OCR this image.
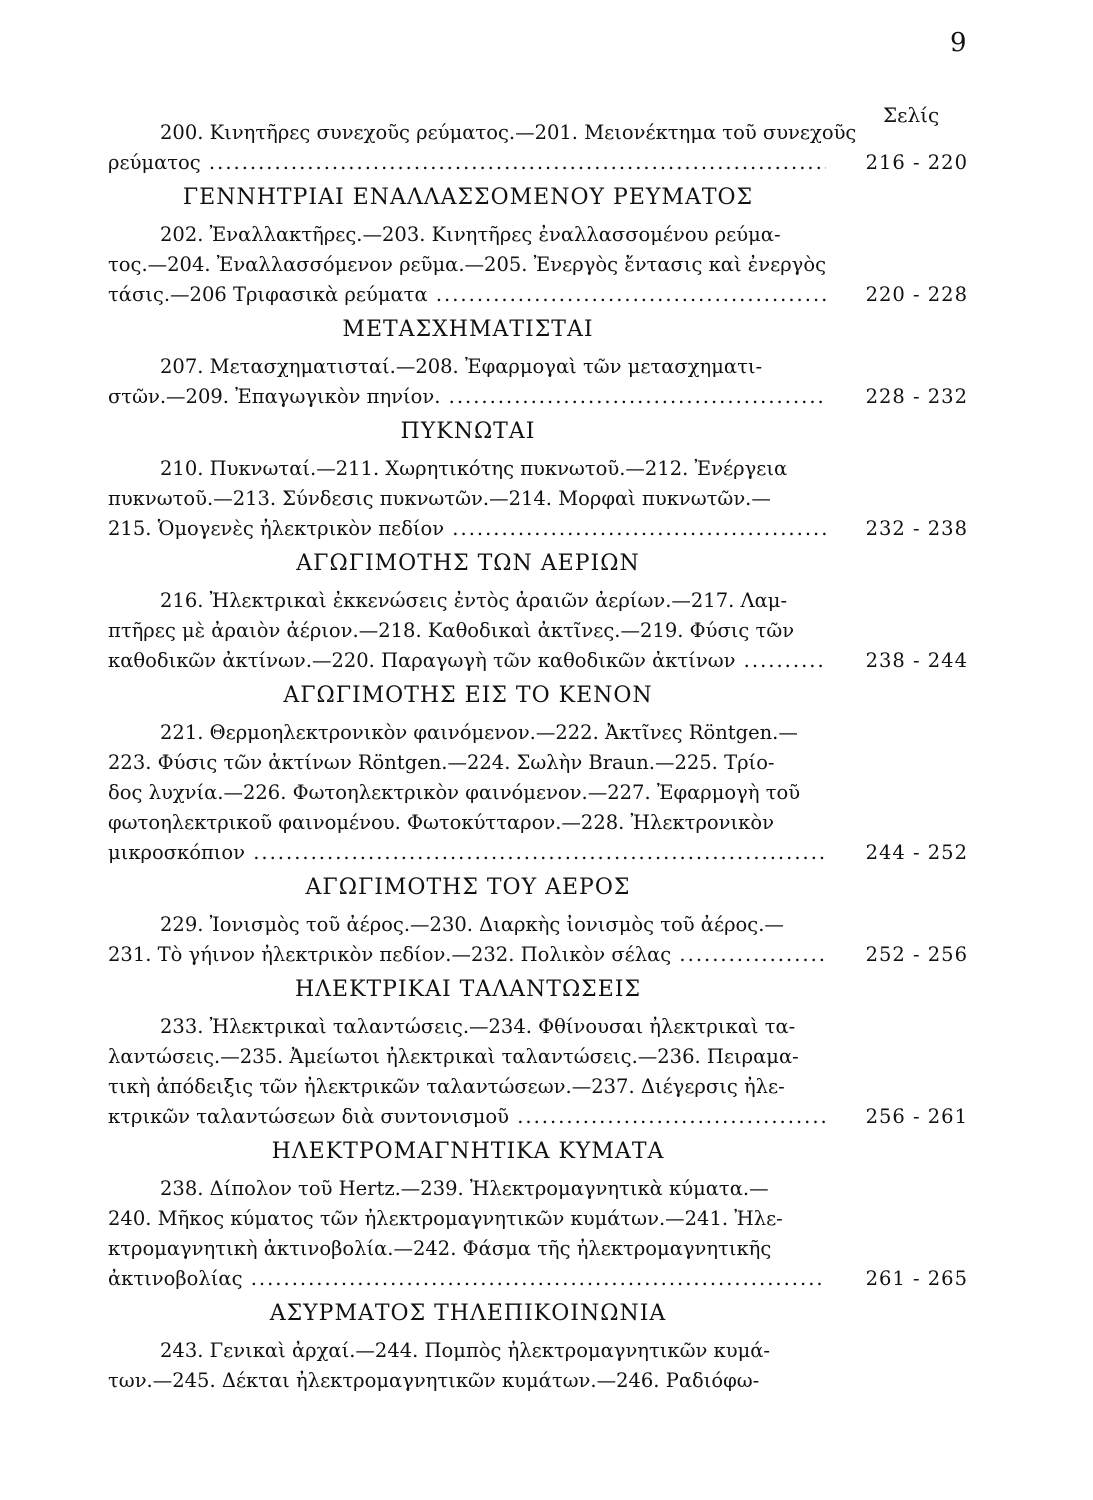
9
Σελίς
200. Κινητῆρες συνεχοῦς ρεύματος.—201. Μειονέκτημα τοῦ συνεχοῦς
ρεύματος .....	216 - 220
ΓΕΝΝΗΤΡΙΑΙ ΕΝΑΛΛΑΣΣΟΜΕΝΟΥ ΡΕΥΜΑΤΟΣ
202. Ἐναλλακτῆρες.—203. Κινητῆρες ἐναλλασσομένου ρεύμα-
τος.—204. Ἐναλλασσόμενον ρεῦμα.—205. Ἐνεργὸς ἔντασις καὶ ἐνεργὸς
τάσις.—206 Τριφασικὰ ρεύματα .....	220 - 228
ΜΕΤΑΣΧΗΜΑΤΙΣΤΑΙ
207. Μετασχηματισταί.—208. Ἐφαρμογαὶ τῶν μετασχηματι-
στῶν.—209. Ἐπαγωγικὸν πηνίον. .....	228 - 232
ΠΥΚΝΩΤΑΙ
210. Πυκνωταί.—211. Χωρητικότης πυκνωτοῦ.—212. Ἐνέργεια
πυκνωτοῦ.—213. Σύνδεσις πυκνωτῶν.—214. Μορφαὶ πυκνωτῶν.—
215. Ὁμογενὲς ἠλεκτρικὸν πεδίον .....	232 - 238
ΑΓΩΓΙΜΟΤΗΣ ΤΩΝ ΑΕΡΙΩΝ
216. Ἠλεκτρικαὶ ἐκκενώσεις ἐντὸς ἀραιῶν ἀερίων.—217. Λαμ-
πτῆρες μὲ ἀραιὸν ἀέριον.—218. Καθοδικαὶ ἀκτῖνες.—219. Φύσις τῶν
καθοδικῶν ἀκτίνων.—220. Παραγωγὴ τῶν καθοδικῶν ἀκτίνων .....	238 - 244
ΑΓΩΓΙΜΟΤΗΣ ΕΙΣ ΤΟ ΚΕΝΟΝ
221. Θερμοηλεκτρονικὸν φαινόμενον.—222. Ἀκτῖνες Röntgen.—
223. Φύσις τῶν ἀκτίνων Röntgen.—224. Σωλὴν Braun.—225. Τρίο-
δος λυχνία.—226. Φωτοηλεκτρικὸν φαινόμενον.—227. Ἐφαρμογὴ τοῦ
φωτοηλεκτρικοῦ φαινομένου. Φωτοκύτταρον.—228. Ἠλεκτρονικὸν
μικροσκόπιον .....	244 - 252
ΑΓΩΓΙΜΟΤΗΣ ΤΟΥ ΑΕΡΟΣ
229. Ἰονισμὸς τοῦ ἀέρος.—230. Διαρκὴς ἰονισμὸς τοῦ ἀέρος.—
231. Τὸ γήινον ἠλεκτρικὸν πεδίον.—232. Πολικὸν σέλας .....	252 - 256
ΗΛΕΚΤΡΙΚΑΙ ΤΑΛΑΝΤΩΣΕΙΣ
233. Ἠλεκτρικαὶ ταλαντώσεις.—234. Φθίνουσαι ἠλεκτρικαὶ τα-
λαντώσεις.—235. Ἀμείωτοι ἠλεκτρικαὶ ταλαντώσεις.—236. Πειραμα-
τικὴ ἀπόδειξις τῶν ἠλεκτρικῶν ταλαντώσεων.—237. Διέγερσις ἠλε-
κτρικῶν ταλαντώσεων διὰ συντονισμοῦ .....	256 - 261
ΗΛΕΚΤΡΟΜΑΓΝΗΤΙΚΑ ΚΥΜΑΤΑ
238. Δίπολον τοῦ Hertz.—239. Ἠλεκτρομαγνητικὰ κύματα.—
240. Μῆκος κύματος τῶν ἠλεκτρομαγνητικῶν κυμάτων.—241. Ἠλε-
κτρομαγνητικὴ ἀκτινοβολία.—242. Φάσμα τῆς ἠλεκτρομαγνητικῆς
ἀκτινοβολίας .....	261 - 265
ΑΣΥΡΜΑΤΟΣ ΤΗΛΕΠΙΚΟΙΝΩΝΙΑ
243. Γενικαὶ ἀρχαί.—244. Πομπὸς ἠλεκτρομαγνητικῶν κυμά-
των.—245. Δέκται ἠλεκτρομαγνητικῶν κυμάτων.—246. Ραδιόφω-
